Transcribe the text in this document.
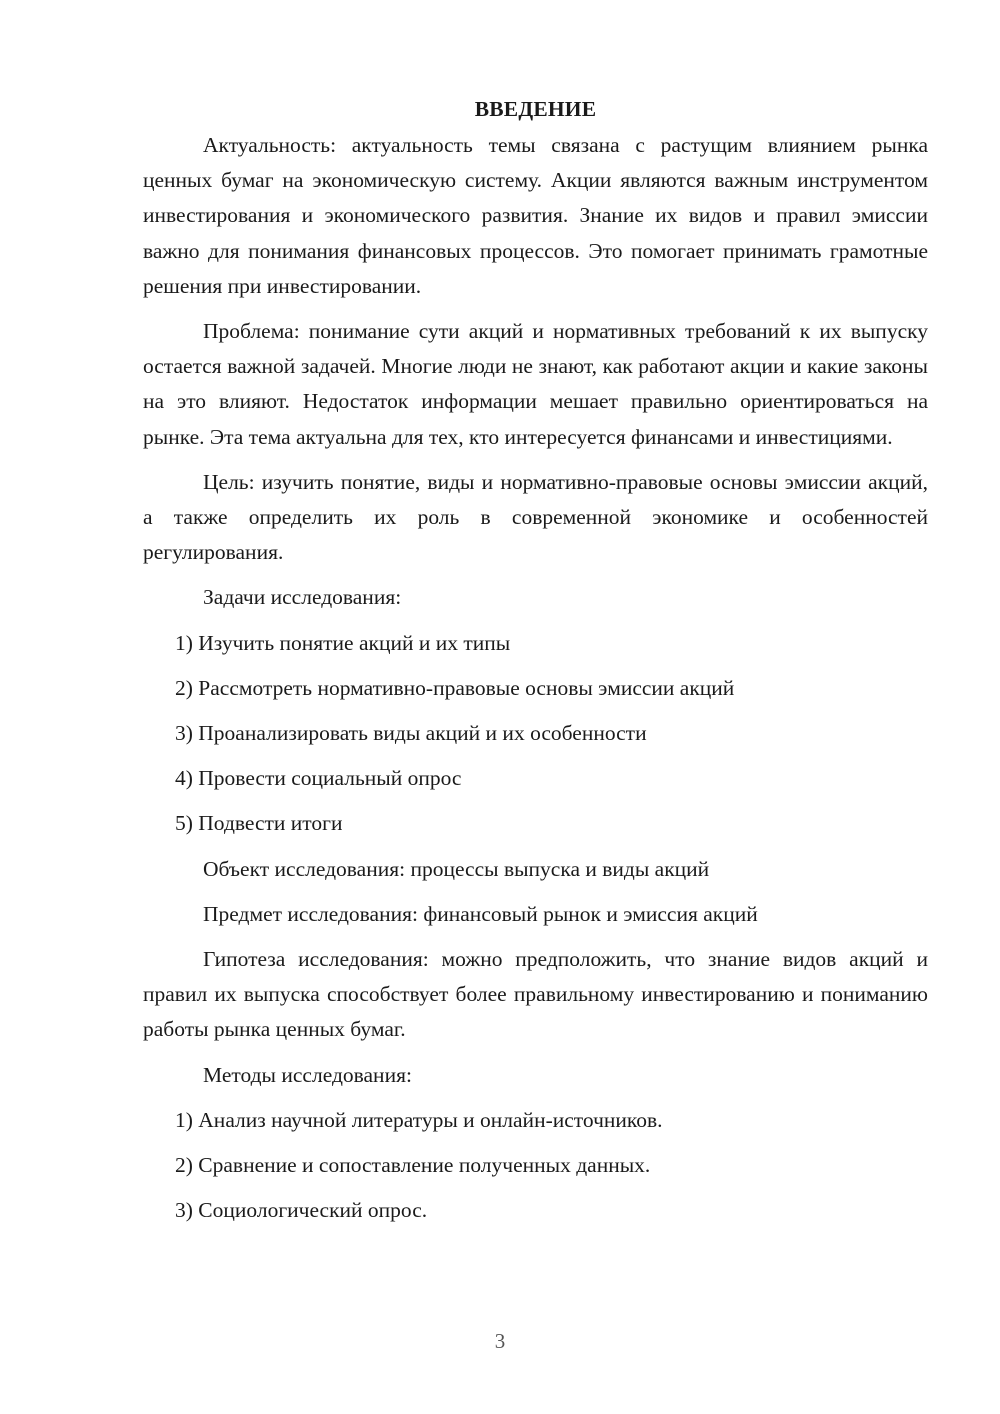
ВВЕДЕНИЕ

Актуальность: актуальность темы связана с растущим влиянием рынка ценных бумаг на экономическую систему. Акции являются важным инструментом инвестирования и экономического развития. Знание их видов и правил эмиссии важно для понимания финансовых процессов. Это помогает принимать грамотные решения при инвестировании.

Проблема: понимание сути акций и нормативных требований к их выпуску остается важной задачей. Многие люди не знают, как работают акции и какие законы на это влияют. Недостаток информации мешает правильно ориентироваться на рынке. Эта тема актуальна для тех, кто интересуется финансами и инвестициями.

Цель: изучить понятие, виды и нормативно-правовые основы эмиссии акций, а также определить их роль в современной экономике и особенностей регулирования.

Задачи исследования:
1) Изучить понятие акций и их типы
2) Рассмотреть нормативно-правовые основы эмиссии акций
3) Проанализировать виды акций и их особенности
4) Провести социальный опрос
5) Подвести итоги
Объект исследования: процессы выпуска и виды акций
Предмет исследования: финансовый рынок и эмиссия акций

Гипотеза исследования: можно предположить, что знание видов акций и правил их выпуска способствует более правильному инвестированию и пониманию работы рынка ценных бумаг.

Методы исследования:
1) Анализ научной литературы и онлайн-источников.
2) Сравнение и сопоставление полученных данных.
3) Социологический опрос.
3
